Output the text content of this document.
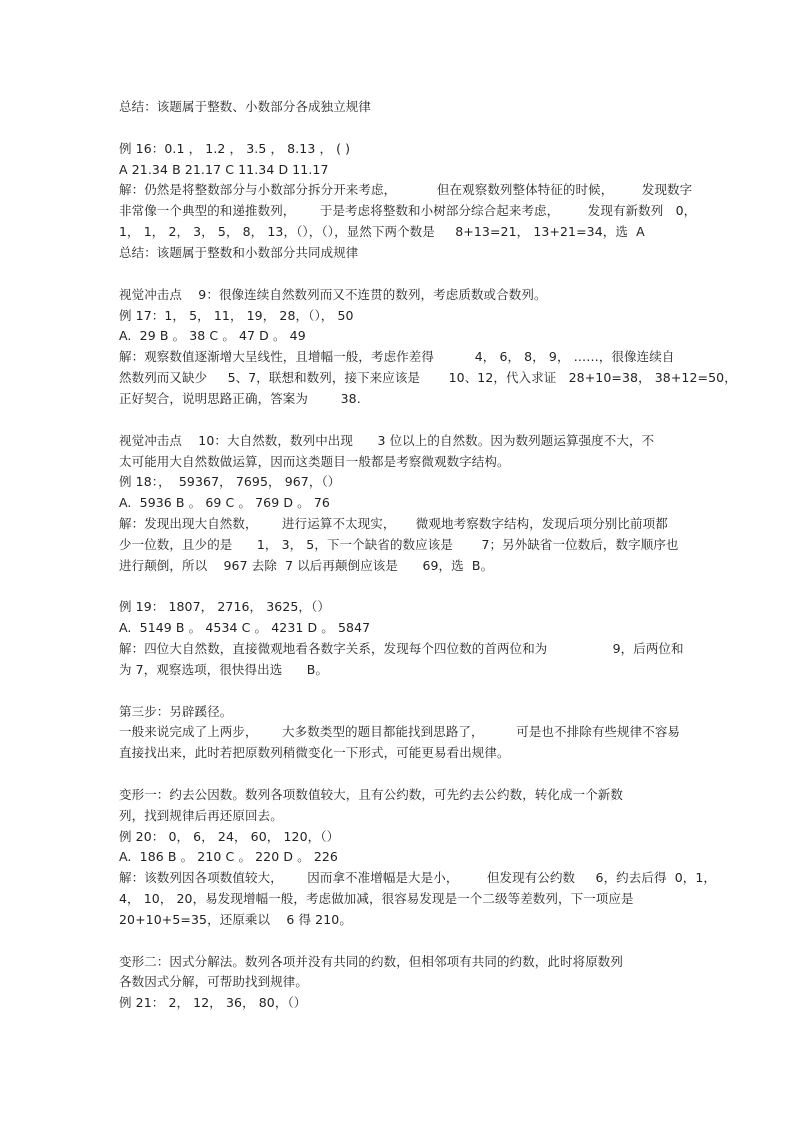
总结：该题属于整数、小数部分各成独立规律
例 16：0.1 ， 1.2 ， 3.5 ， 8.13 ， ( )
A 21.34 B 21.17 C 11.34 D 11.17
解：仍然是将整数部分与小数部分拆分开来考虑，          但在观察数列整体特征的时候，       发现数字
非常像一个典型的和递推数列，      于是考虑将整数和小树部分综合起来考虑，       发现有新数列   0，
1， 1， 2， 3， 5， 8， 13，（），（），显然下两个数是     8+13=21， 13+21=34，选  A
总结：该题属于整数和小数部分共同成规律
视觉冲击点    9：很像连续自然数列而又不连贯的数列，考虑质数或合数列。
例 17：1， 5， 11， 19， 28，（）， 50
A.  29 B 。 38 C 。 47 D 。 49
解：观察数值逐渐增大呈线性，且增幅一般，考虑作差得          4， 6， 8， 9， ……，很像连续自
然数列而又缺少     5、7，联想和数列，接下来应该是       10、12，代入求证   28+10=38， 38+12=50，
正好契合，说明思路正确，答案为        38.
视觉冲击点    10：大自然数，数列中出现      3 位以上的自然数。因为数列题运算强度不大，不
太可能用大自然数做运算，因而这类题目一般都是考察微观数字结构。
例 18：，  59367， 7695， 967，（）
A.  5936 B 。 69 C 。 769 D 。 76
解：发现出现大自然数，      进行运算不太现实，     微观地考察数字结构，发现后项分别比前项都
少一位数，且少的是      1， 3， 5，下一个缺省的数应该是       7；另外缺省一位数后，数字顺序也
进行颠倒，所以    967 去除  7 以后再颠倒应该是      69，选  B。
例 19： 1807， 2716， 3625，（）
A.  5149 B 。 4534 C 。 4231 D 。 5847
解：四位大自然数，直接微观地看各数字关系，发现每个四位数的首两位和为                9，后两位和
为 7，观察选项，很快得出选      B。
第三步：另辟蹊径。
一般来说完成了上两步，      大多数类型的题目都能找到思路了，        可是也不排除有些规律不容易
直接找出来，此时若把原数列稍微变化一下形式，可能更易看出规律。
变形一：约去公因数。数列各项数值较大，且有公约数，可先约去公约数，转化成一个新数
列，找到规律后再还原回去。
例 20： 0， 6， 24， 60， 120，（）
A.  186 B 。 210 C 。 220 D 。 226
解：该数列因各项数值较大，      因而拿不准增幅是大是小，       但发现有公约数     6，约去后得  0，1，
4， 10， 20，易发现增幅一般，考虑做加减，很容易发现是一个二级等差数列，下一项应是
20+10+5=35，还原乘以    6 得 210。
变形二：因式分解法。数列各项并没有共同的约数，但相邻项有共同的约数，此时将原数列
各数因式分解，可帮助找到规律。
例 21： 2， 12， 36， 80，（）
